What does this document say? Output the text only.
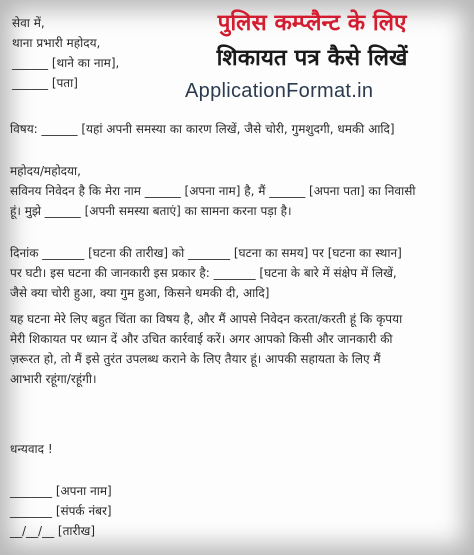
सेवा में,
थाना प्रभारी महोदय,
______ [थाने का नाम],
______ [पता]
पुलिस कम्प्लैन्ट के लिए
शिकायत पत्र कैसे लिखें
ApplicationFormat.in
विषय: ______ [यहां अपनी समस्या का कारण लिखें, जैसे चोरी, गुमशुदगी, धमकी आदि]
महोदय/महोदया,
सविनय निवेदन है कि मेरा नाम ______ [अपना नाम] है, मैं ______ [अपना पता] का निवासी
हूं। मुझे ______ [अपनी समस्या बताएं] का सामना करना पड़ा है।
दिनांक _______ [घटना की तारीख] को _______ [घटना का समय] पर [घटना का स्थान]
पर घटी। इस घटना की जानकारी इस प्रकार है: _______ [घटना के बारे में संक्षेप में लिखें,
जैसे क्या चोरी हुआ, क्या गुम हुआ, किसने धमकी दी, आदि]
यह घटना मेरे लिए बहुत चिंता का विषय है, और मैं आपसे निवेदन करता/करती हूं कि कृपया
मेरी शिकायत पर ध्यान दें और उचित कार्रवाई करें। अगर आपको किसी और जानकारी की
ज़रूरत हो, तो मैं इसे तुरंत उपलब्ध कराने के लिए तैयार हूं। आपकी सहायता के लिए मैं
आभारी रहूंगा/रहूंगी।
धन्यवाद !
_______ [अपना नाम]
_______ [संपर्क नंबर]
__/__/__ [तारीख]
